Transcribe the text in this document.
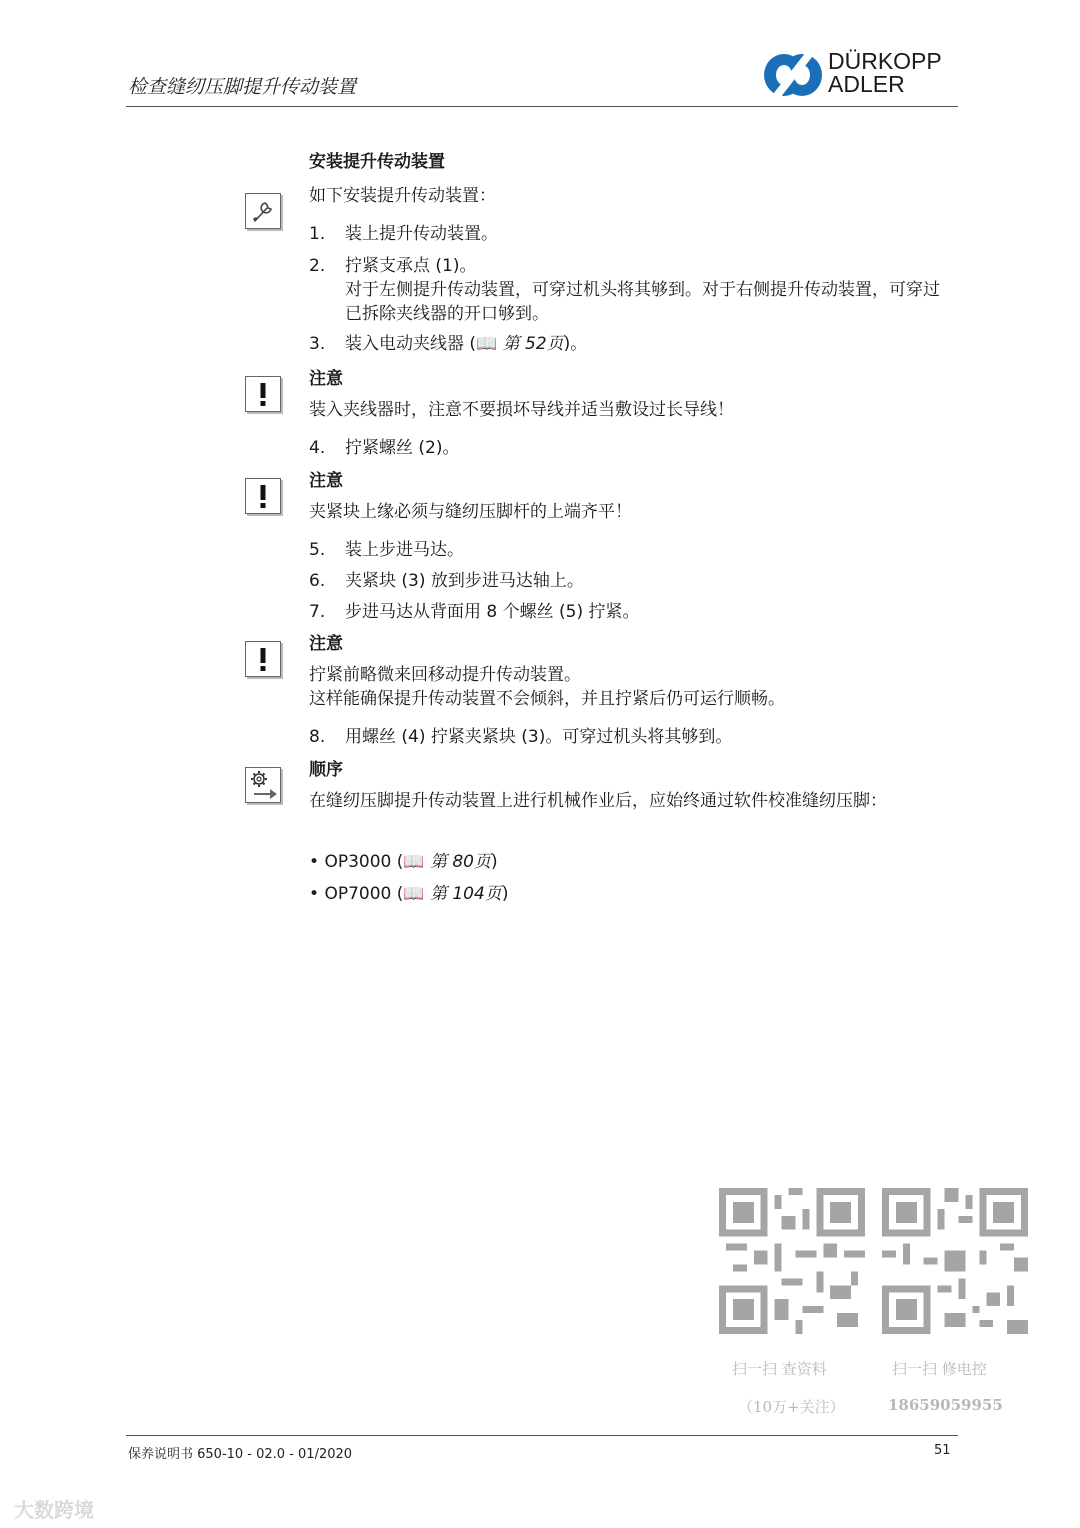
检查缝纫压脚提升传动装置
DÜRKOPP
ADLER
安装提升传动装置
如下安装提升传动装置：
1.	装上提升传动装置。
2.	拧紧支承点 (1)。
对于左侧提升传动装置，可穿过机头将其够到。对于右侧提升传动装置，可穿过已拆除夹线器的开口够到。
3.	装入电动夹线器 (📖 第 52页)。
注意
装入夹线器时，注意不要损坏导线并适当敷设过长导线！
4.	拧紧螺丝 (2)。
注意
夹紧块上缘必须与缝纫压脚杆的上端齐平！
5.	装上步进马达。
6.	夹紧块 (3) 放到步进马达轴上。
7.	步进马达从背面用 8 个螺丝 (5) 拧紧。
注意
拧紧前略微来回移动提升传动装置。
这样能确保提升传动装置不会倾斜，并且拧紧后仍可运行顺畅。
8.	用螺丝 (4) 拧紧夹紧块 (3)。可穿过机头将其够到。
顺序
在缝纫压脚提升传动装置上进行机械作业后，应始终通过软件校准缝纫压脚：
• OP3000 (📖 第 80页)
• OP7000 (📖 第 104页)
扫一扫 查资料
（10万+关注）
扫一扫 修电控
18659059955
保养说明书 650-10 - 02.0 - 01/2020	51
大数跨境
